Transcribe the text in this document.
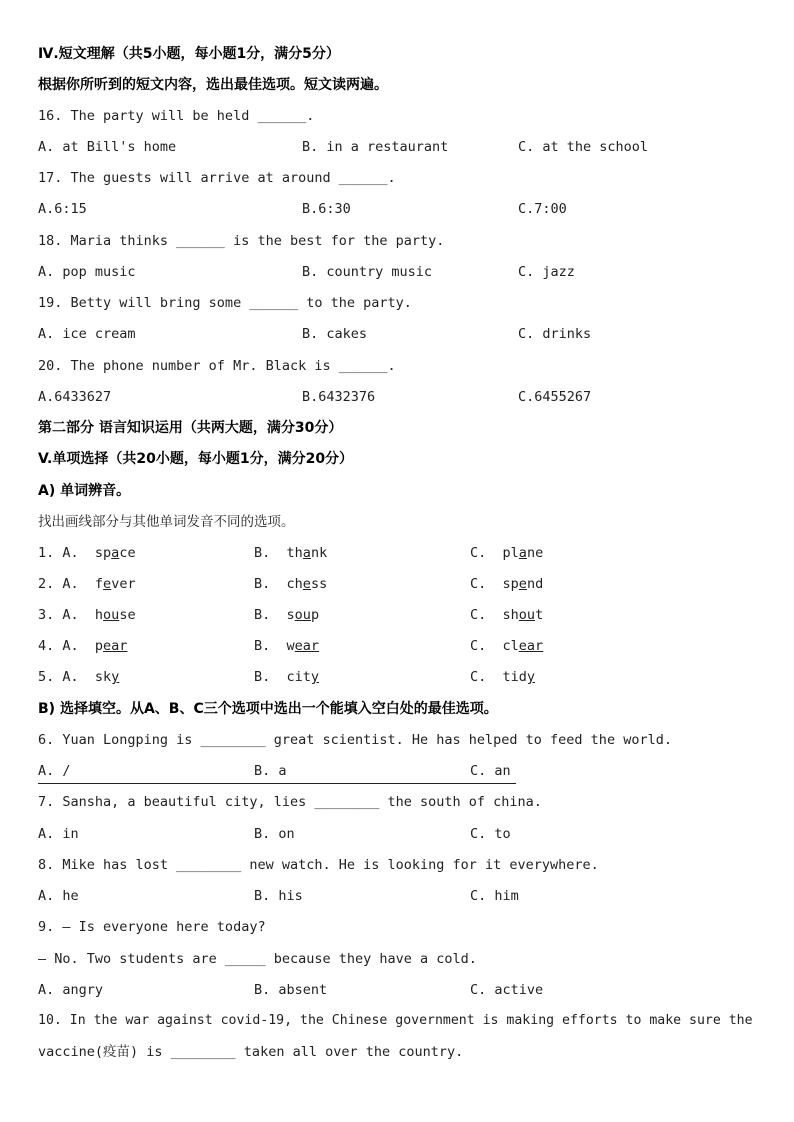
Ⅳ.短文理解（共5小题，每小题1分，满分5分）
根据你所听到的短文内容，选出最佳选项。短文读两遍。
16. The party will be held ______.
A. at Bill's home	B. in a restaurant	C. at the school
17. The guests will arrive at around ______.
A.6:15	B.6:30	C.7:00
18. Maria thinks ______ is the best for the party.
A. pop music	B. country music	C. jazz
19. Betty will bring some ______ to the party.
A. ice cream	B. cakes	C. drinks
20. The phone number of Mr. Black is ______.
A.6433627	B.6432376	C.6455267
第二部分 语言知识运用（共两大题，满分30分）
V.单项选择（共20小题，每小题1分，满分20分）
A) 单词辨音。
找出画线部分与其他单词发音不同的选项。
1. A. space	B. thank	C. plane
2. A. fever	B. chess	C. spend
3. A. house	B. soup	C. shout
4. A. pear	B. wear	C. clear
5. A. sky	B. city	C. tidy
B) 选择填空。从A、B、C三个选项中选出一个能填入空白处的最佳选项。
6. Yuan Longping is ________ great scientist. He has helped to feed the world.
A. /	B. a	C. an
7. Sansha, a beautiful city, lies ________ the south of china.
A. in	B. on	C. to
8. Mike has lost ________ new watch. He is looking for it everywhere.
A. he	B. his	C. him
9. — Is everyone here today?
— No. Two students are _____ because they have a cold.
A. angry	B. absent	C. active
10. In the war against covid-19, the Chinese government is making efforts to make sure the
vaccine(疫苗) is ________ taken all over the country.
